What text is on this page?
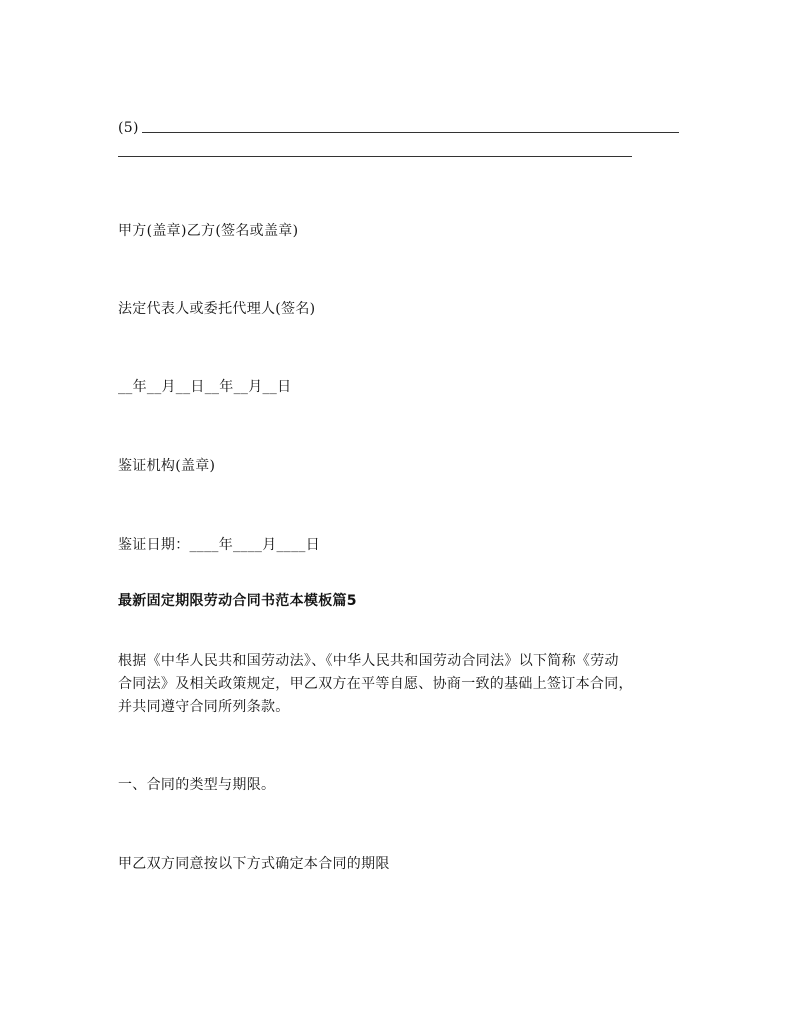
(5)
甲方(盖章)乙方(签名或盖章)
法定代表人或委托代理人(签名)
__年__月__日__年__月__日
鉴证机构(盖章)
鉴证日期：____年____月____日
最新固定期限劳动合同书范本模板篇5
根据《中华人民共和国劳动法》、《中华人民共和国劳动合同法》以下简称《劳动
合同法》及相关政策规定，甲乙双方在平等自愿、协商一致的基础上签订本合同，
并共同遵守合同所列条款。
一、合同的类型与期限。
甲乙双方同意按以下方式确定本合同的期限
